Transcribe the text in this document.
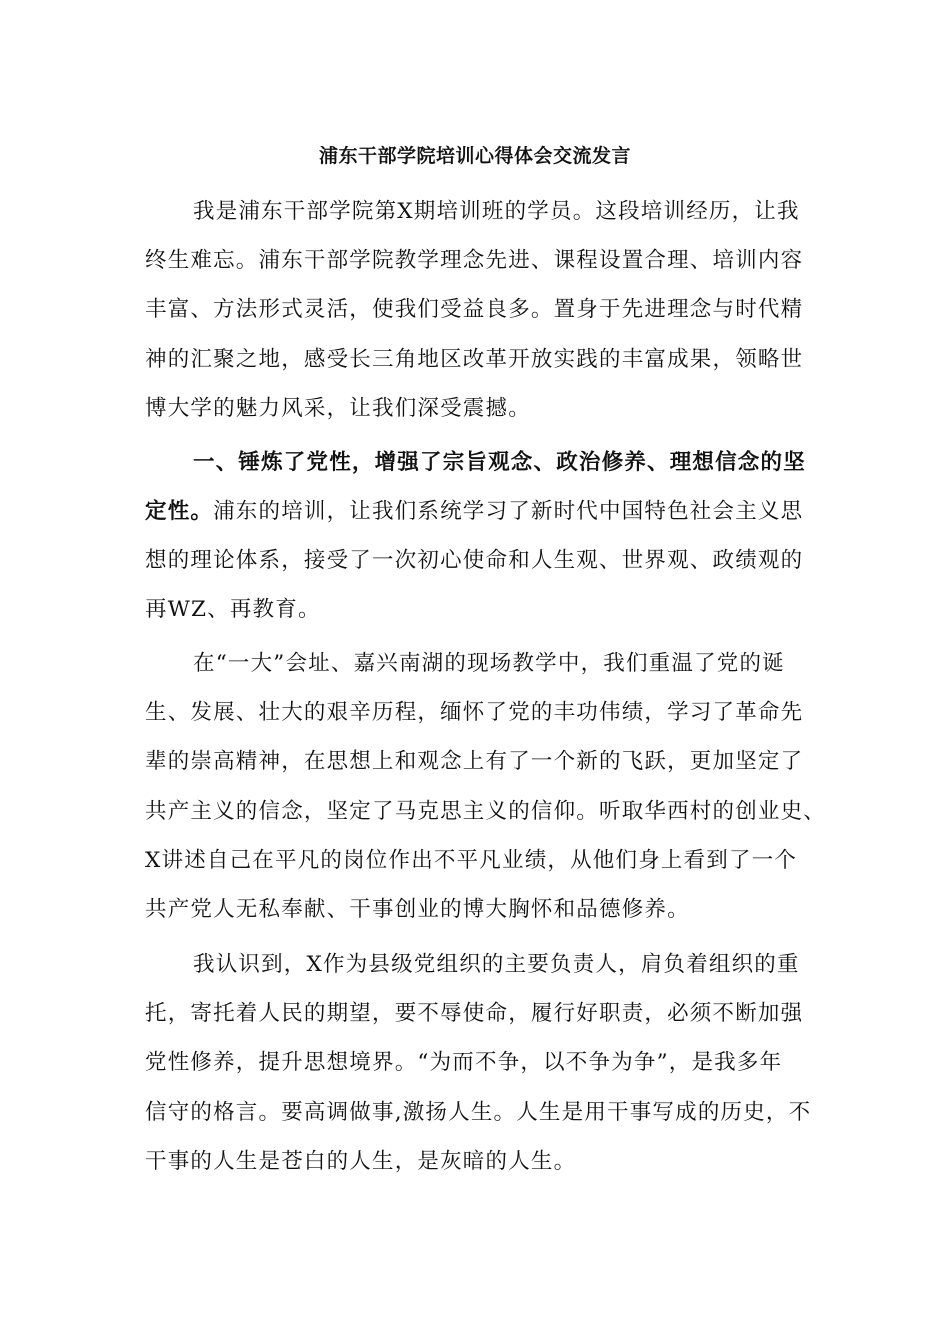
浦东干部学院培训心得体会交流发言

我是浦东干部学院第X期培训班的学员。这段培训经历，让我

终生难忘。浦东干部学院教学理念先进、课程设置合理、培训内容

丰富、方法形式灵活，使我们受益良多。置身于先进理念与时代精

神的汇聚之地，感受长三角地区改革开放实践的丰富成果，领略世

博大学的魅力风采，让我们深受震撼。

一、锤炼了党性，增强了宗旨观念、政治修养、理想信念的坚

定性。浦东的培训，让我们系统学习了新时代中国特色社会主义思

想的理论体系，接受了一次初心使命和人生观、世界观、政绩观的

再WZ、再教育。

在“一大”会址、嘉兴南湖的现场教学中，我们重温了党的诞

生、发展、壮大的艰辛历程，缅怀了党的丰功伟绩，学习了革命先

辈的崇高精神，在思想上和观念上有了一个新的飞跃，更加坚定了

共产主义的信念，坚定了马克思主义的信仰。听取华西村的创业史、

X讲述自己在平凡的岗位作出不平凡业绩，从他们身上看到了一个

共产党人无私奉献、干事创业的博大胸怀和品德修养。

我认识到，X作为县级党组织的主要负责人，肩负着组织的重

托，寄托着人民的期望，要不辱使命，履行好职责，必须不断加强

党性修养，提升思想境界。“为而不争，以不争为争”，是我多年

信守的格言。要高调做事,激扬人生。人生是用干事写成的历史，不

干事的人生是苍白的人生，是灰暗的人生。
